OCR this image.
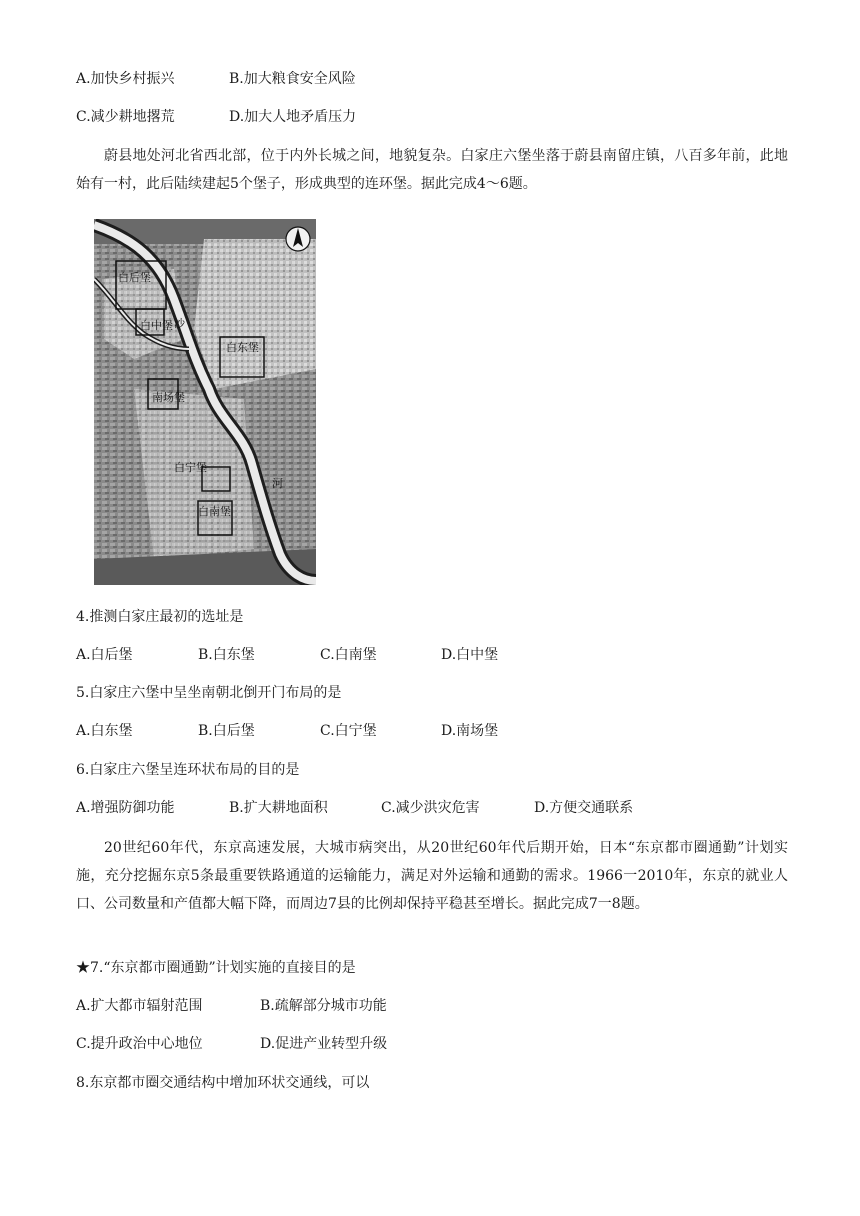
A.加快乡村振兴	B.加大粮食安全风险
C.减少耕地撂荒	D.加大人地矛盾压力
蔚县地处河北省西北部，位于内外长城之间，地貌复杂。白家庄六堡坐落于蔚县南留庄镇，八百多年前，此地始有一村，此后陆续建起5个堡子，形成典型的连环堡。据此完成4～6题。
白后堡
白中堡
白东堡
南场堡
白宁堡
白南堡
沙
河
4.推测白家庄最初的选址是
A.白后堡	B.白东堡	C.白南堡	D.白中堡
5.白家庄六堡中呈坐南朝北倒开门布局的是
A.白东堡	B.白后堡	C.白宁堡	D.南场堡
6.白家庄六堡呈连环状布局的目的是
A.增强防御功能	B.扩大耕地面积	C.减少洪灾危害	D.方便交通联系
20世纪60年代，东京高速发展，大城市病突出，从20世纪60年代后期开始，日本“东京都市圈通勤”计划实施，充分挖掘东京5条最重要铁路通道的运输能力，满足对外运输和通勤的需求。1966一2010年，东京的就业人口、公司数量和产值都大幅下降，而周边7县的比例却保持平稳甚至增长。据此完成7一8题。
★7.“东京都市圈通勤”计划实施的直接目的是
A.扩大都市辐射范围	B.疏解部分城市功能
C.提升政治中心地位	D.促进产业转型升级
8.东京都市圈交通结构中增加环状交通线，可以
